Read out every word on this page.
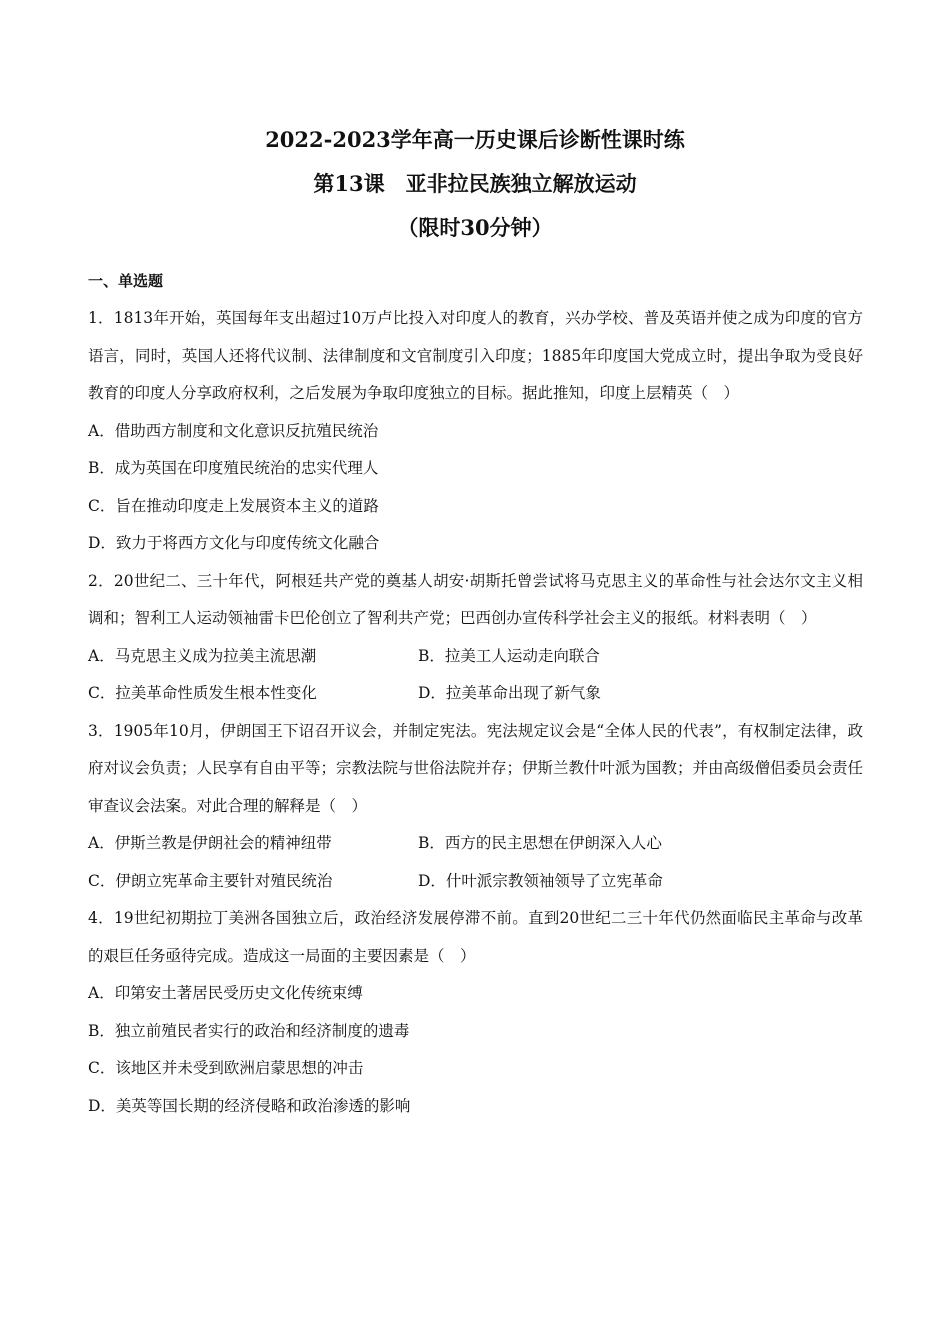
2022-2023学年高一历史课后诊断性课时练
第13课　亚非拉民族独立解放运动
（限时30分钟）
一、单选题
1．1813年开始，英国每年支出超过10万卢比投入对印度人的教育，兴办学校、普及英语并使之成为印度的官方语言，同时，英国人还将代议制、法律制度和文官制度引入印度；1885年印度国大党成立时，提出争取为受良好教育的印度人分享政府权利，之后发展为争取印度独立的目标。据此推知，印度上层精英（　）
A．借助西方制度和文化意识反抗殖民统治
B．成为英国在印度殖民统治的忠实代理人
C．旨在推动印度走上发展资本主义的道路
D．致力于将西方文化与印度传统文化融合
2．20世纪二、三十年代，阿根廷共产党的奠基人胡安·胡斯托曾尝试将马克思主义的革命性与社会达尔文主义相调和；智利工人运动领袖雷卡巴伦创立了智利共产党；巴西创办宣传科学社会主义的报纸。材料表明（　）
A．马克思主义成为拉美主流思潮	B．拉美工人运动走向联合
C．拉美革命性质发生根本性变化	D．拉美革命出现了新气象
3．1905年10月，伊朗国王下诏召开议会，并制定宪法。宪法规定议会是“全体人民的代表”，有权制定法律，政府对议会负责；人民享有自由平等；宗教法院与世俗法院并存；伊斯兰教什叶派为国教；并由高级僧侣委员会责任审查议会法案。对此合理的解释是（　）
A．伊斯兰教是伊朗社会的精神纽带	B．西方的民主思想在伊朗深入人心
C．伊朗立宪革命主要针对殖民统治	D．什叶派宗教领袖领导了立宪革命
4．19世纪初期拉丁美洲各国独立后，政治经济发展停滞不前。直到20世纪二三十年代仍然面临民主革命与改革的艰巨任务亟待完成。造成这一局面的主要因素是（　）
A．印第安土著居民受历史文化传统束缚
B．独立前殖民者实行的政治和经济制度的遗毒
C．该地区并未受到欧洲启蒙思想的冲击
D．美英等国长期的经济侵略和政治渗透的影响
